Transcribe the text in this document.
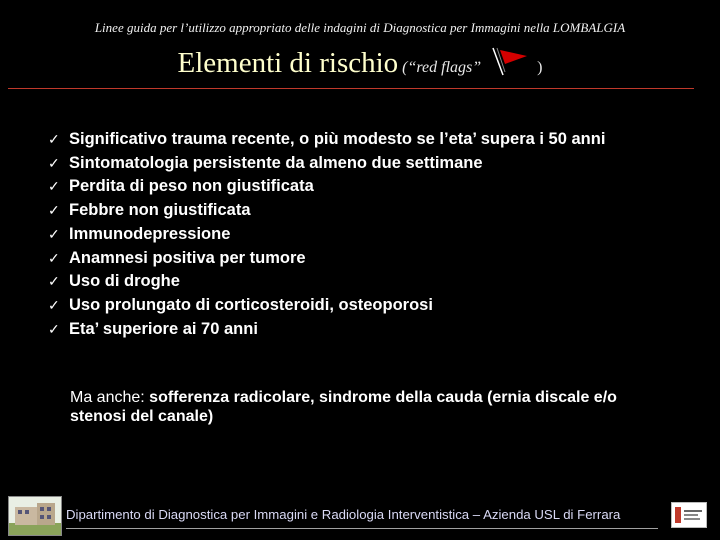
Linee guida per l’utilizzo appropriato delle indagini di Diagnostica per Immagini nella LOMBALGIA
Elementi di rischio (“red flags”	)
✓ Significativo trauma recente, o più modesto se l’eta’ supera i 50 anni
✓ Sintomatologia persistente da almeno due settimane
✓ Perdita di peso non giustificata
✓ Febbre non giustificata
✓ Immunodepressione
✓ Anamnesi positiva per tumore
✓ Uso di droghe
✓ Uso prolungato di corticosteroidi, osteoporosi
✓ Eta’ superiore ai 70 anni
Ma anche: sofferenza radicolare, sindrome della cauda (ernia discale e/o stenosi del canale)
Dipartimento di Diagnostica per Immagini e Radiologia Interventistica – Azienda USL di Ferrara
